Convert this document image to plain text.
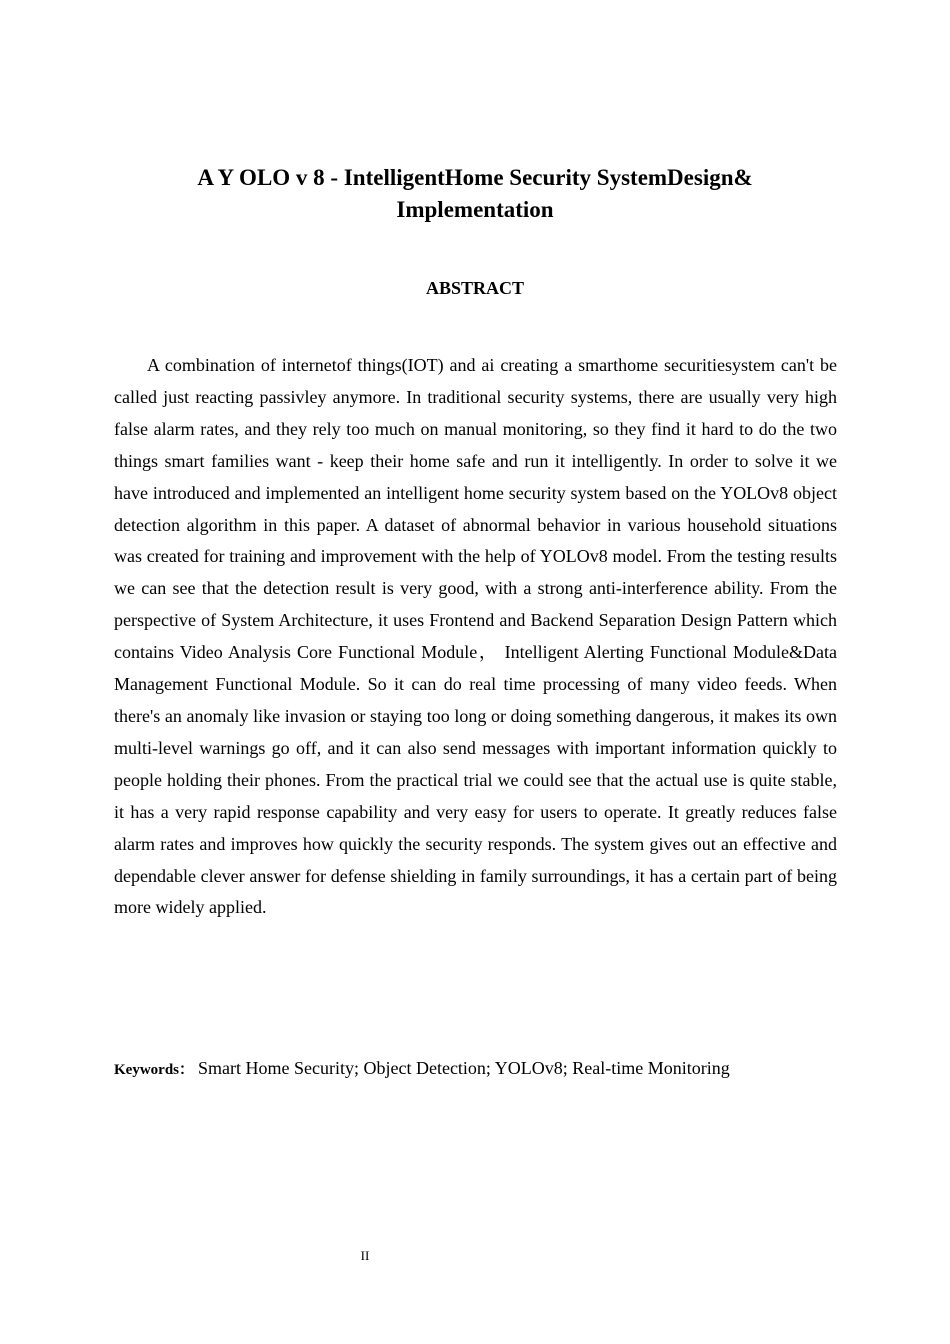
A Y OLO v 8 - IntelligentHome Security SystemDesign&
Implementation
ABSTRACT

A combination of internetof things(IOT) and ai creating a smarthome securitiesystem can't be called just reacting passivley anymore. In traditional security systems, there are usually very high false alarm rates, and they rely too much on manual monitoring, so they find it hard to do the two things smart families want - keep their home safe and run it intelligently. In order to solve it we have introduced and implemented an intelligent home security system based on the YOLOv8 object detection algorithm in this paper. A dataset of abnormal behavior in various household situations was created for training and improvement with the help of YOLOv8 model. From the testing results we can see that the detection result is very good, with a strong anti-interference ability. From the perspective of System Architecture, it uses Frontend and Backend Separation Design Pattern which contains Video Analysis Core Functional Module， Intelligent Alerting Functional Module&Data Management Functional Module. So it can do real time processing of many video feeds. When there's an anomaly like invasion or staying too long or doing something dangerous, it makes its own multi-level warnings go off, and it can also send messages with important information quickly to people holding their phones. From the practical trial we could see that the actual use is quite stable, it has a very rapid response capability and very easy for users to operate. It greatly reduces false alarm rates and improves how quickly the security responds. The system gives out an effective and dependable clever answer for defense shielding in family surroundings, it has a certain part of being more widely applied.

Keywords： Smart Home Security; Object Detection; YOLOv8; Real-time Monitoring
II
